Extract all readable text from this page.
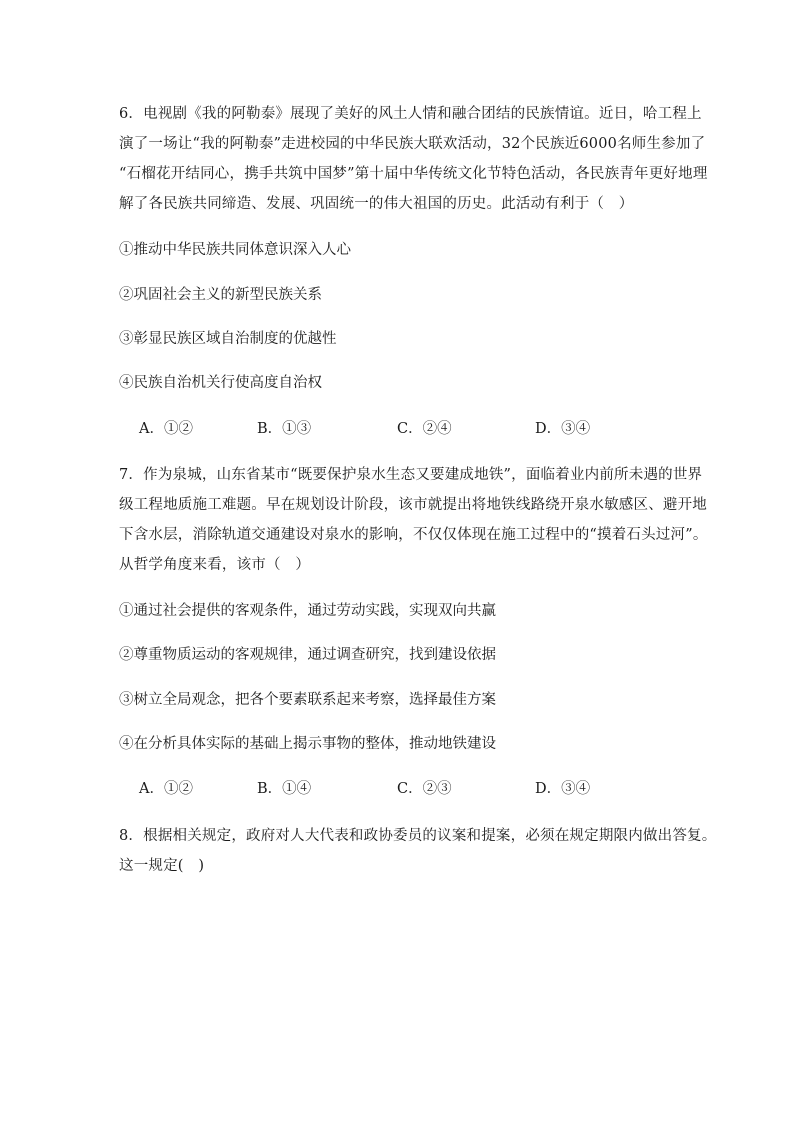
6．电视剧《我的阿勒泰》展现了美好的风土人情和融合团结的民族情谊。近日，哈工程上
演了一场让“我的阿勒泰”走进校园的中华民族大联欢活动，32个民族近6000名师生参加了
“石榴花开结同心，携手共筑中国梦”第十届中华传统文化节特色活动，各民族青年更好地理
解了各民族共同缔造、发展、巩固统一的伟大祖国的历史。此活动有利于（　）
①推动中华民族共同体意识深入人心
②巩固社会主义的新型民族关系
③彰显民族区域自治制度的优越性
④民族自治机关行使高度自治权
A．①②	B．①③	C．②④	D．③④
7．作为泉城，山东省某市“既要保护泉水生态又要建成地铁”，面临着业内前所未遇的世界
级工程地质施工难题。早在规划设计阶段，该市就提出将地铁线路绕开泉水敏感区、避开地
下含水层，消除轨道交通建设对泉水的影响，不仅仅体现在施工过程中的“摸着石头过河”。
从哲学角度来看，该市（　）
①通过社会提供的客观条件，通过劳动实践，实现双向共赢
②尊重物质运动的客观规律，通过调查研究，找到建设依据
③树立全局观念，把各个要素联系起来考察，选择最佳方案
④在分析具体实际的基础上揭示事物的整体，推动地铁建设
A．①②	B．①④	C．②③	D．③④
8．根据相关规定，政府对人大代表和政协委员的议案和提案，必须在规定期限内做出答复。
这一规定(　)
